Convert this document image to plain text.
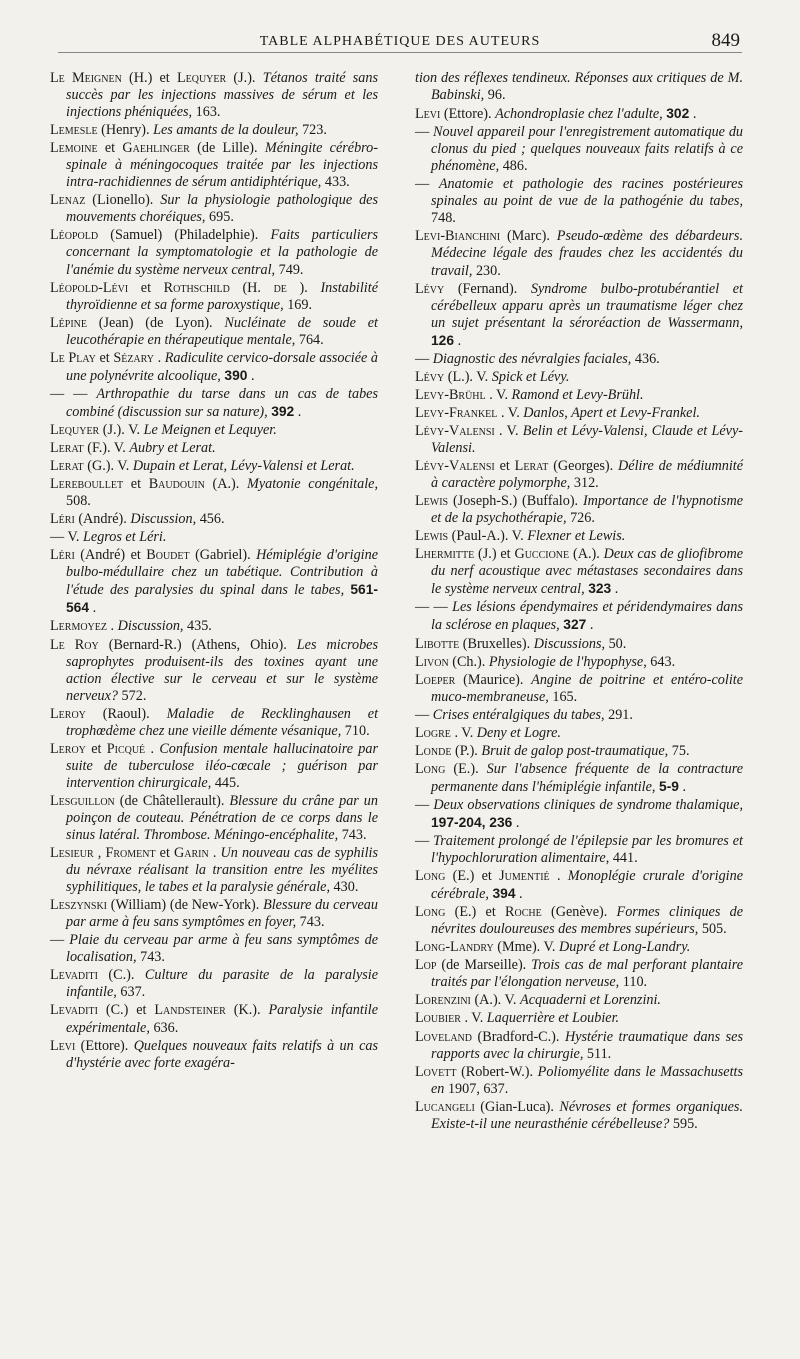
TABLE ALPHABÉTIQUE DES AUTEURS	849
Le Meignen (H.) et Lequyer (J.). Tétanos traité sans succès par les injections massives de sérum et les injections phéniquées, 163.
Lemesle (Henry). Les amants de la douleur, 723.
Lemoine et Gaehlinger (de Lille). Méningite cérébro-spinale à méningocoques traitée par les injections intra-rachidiennes de sérum antidiphtérique, 433.
Lenaz (Lionello). Sur la physiologie pathologique des mouvements choréiques, 695.
Léopold (Samuel) (Philadelphie). Faits particuliers concernant la symptomatologie et la pathologie de l'anémie du système nerveux central, 749.
Léopold-Lévi et Rothschild (H. de ). Instabilité thyroïdienne et sa forme paroxystique, 169.
Lépine (Jean) (de Lyon). Nucléinate de soude et leucothérapie en thérapeutique mentale, 764.
Le Play et Sézary . Radiculite cervico-dorsale associée à une polynévrite alcoolique, 390 .
— — Arthropathie du tarse dans un cas de tabes combiné (discussion sur sa nature), 392 .
Lequyer (J.). V. Le Meignen et Lequyer.
Lerat (F.). V. Aubry et Lerat.
Lerat (G.). V. Dupain et Lerat, Lévy-Valensi et Lerat.
Lereboullet et Baudouin (A.). Myatonie congénitale, 508.
Léri (André). Discussion, 456.
— V. Legros et Léri.
Léri (André) et Boudet (Gabriel). Hémiplégie d'origine bulbo-médullaire chez un tabétique. Contribution à l'étude des paralysies du spinal dans le tabes, 561-564 .
Lermoyez . Discussion, 435.
Le Roy (Bernard-R.) (Athens, Ohio). Les microbes saprophytes produisent-ils des toxines ayant une action élective sur le cerveau et sur le système nerveux? 572.
Leroy (Raoul). Maladie de Recklinghausen et trophœdème chez une vieille démente vésanique, 710.
Leroy et Picqué . Confusion mentale hallucinatoire par suite de tuberculose iléo-cœcale ; guérison par intervention chirurgicale, 445.
Lesguillon (de Châtellerault). Blessure du crâne par un poinçon de couteau. Pénétration de ce corps dans le sinus latéral. Thrombose. Méningo-encéphalite, 743.
Lesieur , Froment et Garin . Un nouveau cas de syphilis du névraxe réalisant la transition entre les myélites syphilitiques, le tabes et la paralysie générale, 430.
Leszynski (William) (de New-York). Blessure du cerveau par arme à feu sans symptômes en foyer, 743.
— Plaie du cerveau par arme à feu sans symptômes de localisation, 743.
Levaditi (C.). Culture du parasite de la paralysie infantile, 637.
Levaditi (C.) et Landsteiner (K.). Paralysie infantile expérimentale, 636.
Levi (Ettore). Quelques nouveaux faits relatifs à un cas d'hystérie avec forte exagéra-
tion des réflexes tendineux. Réponses aux critiques de M. Babinski, 96.
Levi (Ettore). Achondroplasie chez l'adulte, 302 .
— Nouvel appareil pour l'enregistrement automatique du clonus du pied ; quelques nouveaux faits relatifs à ce phénomène, 486.
— Anatomie et pathologie des racines postérieures spinales au point de vue de la pathogénie du tabes, 748.
Levi-Bianchini (Marc). Pseudo-œdème des débardeurs. Médecine légale des fraudes chez les accidentés du travail, 230.
Lévy (Fernand). Syndrome bulbo-protubérantiel et cérébelleux apparu après un traumatisme léger chez un sujet présentant la séroréaction de Wassermann, 126 .
— Diagnostic des névralgies faciales, 436.
Lévy (L.). V. Spick et Lévy.
Levy-Brühl . V. Ramond et Levy-Brühl.
Levy-Frankel . V. Danlos, Apert et Levy-Frankel.
Lévy-Valensi . V. Belin et Lévy-Valensi, Claude et Lévy-Valensi.
Lévy-Valensi et Lerat (Georges). Délire de médiumnité à caractère polymorphe, 312.
Lewis (Joseph-S.) (Buffalo). Importance de l'hypnotisme et de la psychothérapie, 726.
Lewis (Paul-A.). V. Flexner et Lewis.
Lhermitte (J.) et Guccione (A.). Deux cas de gliofibrome du nerf acoustique avec métastases secondaires dans le système nerveux central, 323 .
— — Les lésions épendymaires et péridendymaires dans la sclérose en plaques, 327 .
Libotte (Bruxelles). Discussions, 50.
Livon (Ch.). Physiologie de l'hypophyse, 643.
Loeper (Maurice). Angine de poitrine et entéro-colite muco-membraneuse, 165.
— Crises entéralgiques du tabes, 291.
Logre . V. Deny et Logre.
Londe (P.). Bruit de galop post-traumatique, 75.
Long (E.). Sur l'absence fréquente de la contracture permanente dans l'hémiplégie infantile, 5-9 .
— Deux observations cliniques de syndrome thalamique, 197-204, 236 .
— Traitement prolongé de l'épilepsie par les bromures et l'hypochloruration alimentaire, 441.
Long (E.) et Jumentié . Monoplégie crurale d'origine cérébrale, 394 .
Long (E.) et Roche (Genève). Formes cliniques de névrites douloureuses des membres supérieurs, 505.
Long-Landry (Mme). V. Dupré et Long-Landry.
Lop (de Marseille). Trois cas de mal perforant plantaire traités par l'élongation nerveuse, 110.
Lorenzini (A.). V. Acquaderni et Lorenzini.
Loubier . V. Laquerrière et Loubier.
Loveland (Bradford-C.). Hystérie traumatique dans ses rapports avec la chirurgie, 511.
Lovett (Robert-W.). Poliomyélite dans le Massachusetts en 1907, 637.
Lucangeli (Gian-Luca). Névroses et formes organiques. Existe-t-il une neurasthénie cérébelleuse? 595.
